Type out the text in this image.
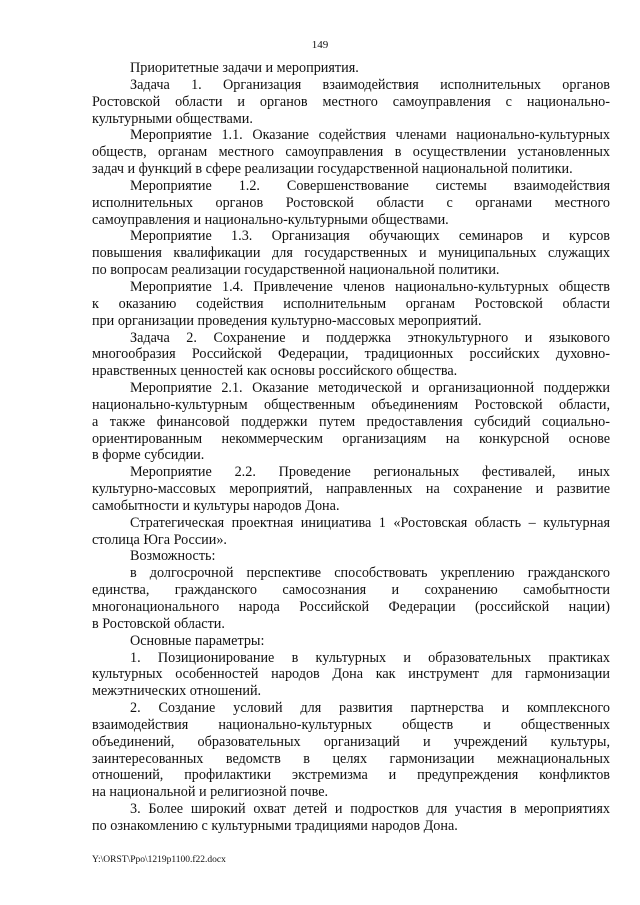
149
Приоритетные задачи и мероприятия.
Задача 1. Организация взаимодействия исполнительных органов
Ростовской области и органов местного самоуправления с национально-
культурными обществами.
Мероприятие 1.1. Оказание содействия членами национально-культурных
обществ, органам местного самоуправления в осуществлении установленных
задач и функций в сфере реализации государственной национальной политики.
Мероприятие 1.2. Совершенствование системы взаимодействия
исполнительных органов Ростовской области с органами местного
самоуправления и национально-культурными обществами.
Мероприятие 1.3. Организация обучающих семинаров и курсов
повышения квалификации для государственных и муниципальных служащих
по вопросам реализации государственной национальной политики.
Мероприятие 1.4. Привлечение членов национально-культурных обществ
к оказанию содействия исполнительным органам Ростовской области
при организации проведения культурно-массовых мероприятий.
Задача 2. Сохранение и поддержка этнокультурного и языкового
многообразия Российской Федерации, традиционных российских духовно-
нравственных ценностей как основы российского общества.
Мероприятие 2.1. Оказание методической и организационной поддержки
национально-культурным общественным объединениям Ростовской области,
а также финансовой поддержки путем предоставления субсидий социально-
ориентированным некоммерческим организациям на конкурсной основе
в форме субсидии.
Мероприятие 2.2. Проведение региональных фестивалей, иных
культурно-массовых мероприятий, направленных на сохранение и развитие
самобытности и культуры народов Дона.
Стратегическая проектная инициатива 1 «Ростовская область – культурная
столица Юга России».
Возможность:
в долгосрочной перспективе способствовать укреплению гражданского
единства, гражданского самосознания и сохранению самобытности
многонационального народа Российской Федерации (российской нации)
в Ростовской области.
Основные параметры:
1. Позиционирование в культурных и образовательных практиках
культурных особенностей народов Дона как инструмент для гармонизации
межэтнических отношений.
2. Создание условий для развития партнерства и комплексного
взаимодействия национально-культурных обществ и общественных
объединений, образовательных организаций и учреждений культуры,
заинтересованных ведомств в целях гармонизации межнациональных
отношений, профилактики экстремизма и предупреждения конфликтов
на национальной и религиозной почве.
3. Более широкий охват детей и подростков для участия в мероприятиях
по ознакомлению с культурными традициями народов Дона.
Y:\ORST\Ppo\1219p1100.f22.docx
